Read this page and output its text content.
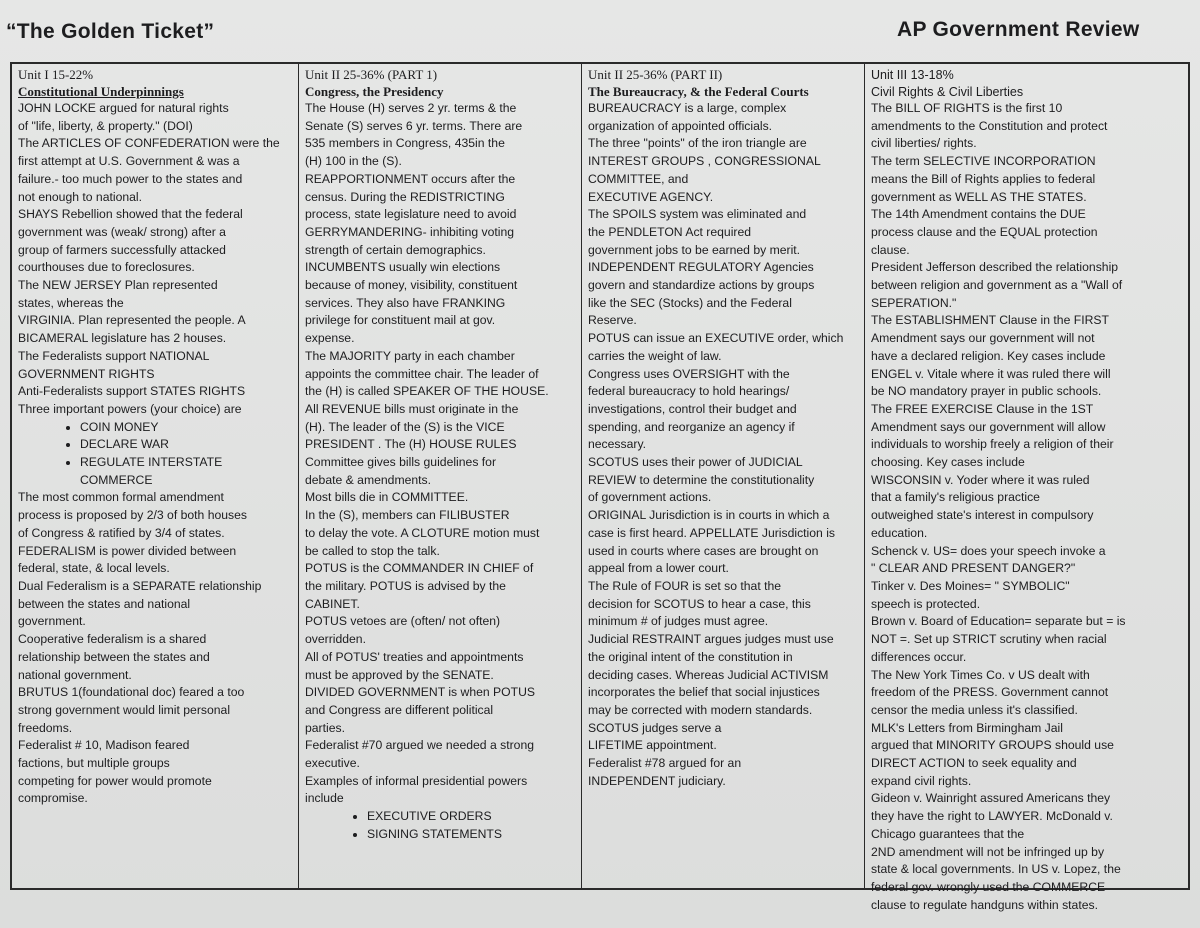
“The Golden Ticket”	AP Government Review
Unit I 15-22%
Constitutional Underpinnings
JOHN LOCKE argued for natural rights
of "life, liberty, & property." (DOI)
The ARTICLES OF CONFEDERATION were the
first attempt at U.S. Government & was a
failure.- too much power to the states and
not enough to national.
SHAYS Rebellion showed that the federal
government was (weak/ strong) after a
group of farmers successfully attacked
courthouses due to foreclosures.
The NEW JERSEY Plan represented
states, whereas the
VIRGINIA. Plan represented the people. A
BICAMERAL legislature has 2 houses.
The Federalists support NATIONAL
GOVERNMENT RIGHTS
Anti-Federalists support STATES RIGHTS
Three important powers (your choice) are
• COIN MONEY
• DECLARE WAR
• REGULATE INTERSTATE COMMERCE
The most common formal amendment
process is proposed by 2/3 of both houses
of Congress & ratified by 3/4 of states.
FEDERALISM is power divided between
federal, state, & local levels.
Dual Federalism is a SEPARATE relationship
between the states and national
government.
Cooperative federalism is a shared
relationship between the states and
national government.
BRUTUS 1(foundational doc) feared a too
strong government would limit personal
freedoms.
Federalist # 10, Madison feared
factions, but multiple groups
competing for power would promote
compromise.
Unit II 25-36% (PART 1)
Congress, the Presidency
The House (H) serves 2 yr. terms & the
Senate (S) serves 6 yr. terms. There are
535 members in Congress, 435in the
(H) 100 in the (S).
REAPPORTIONMENT occurs after the
census. During the REDISTRICTING
process, state legislature need to avoid
GERRYMANDERING- inhibiting voting
strength of certain demographics.
INCUMBENTS usually win elections
because of money, visibility, constituent
services. They also have FRANKING
privilege for constituent mail at gov.
expense.
The MAJORITY party in each chamber
appoints the committee chair. The leader of
the (H) is called SPEAKER OF THE HOUSE.
All REVENUE bills must originate in the
(H). The leader of the (S) is the VICE
PRESIDENT . The (H) HOUSE RULES
Committee gives bills guidelines for
debate & amendments.
Most bills die in COMMITTEE.
In the (S), members can FILIBUSTER
to delay the vote. A CLOTURE motion must
be called to stop the talk.
POTUS is the COMMANDER IN CHIEF of
the military. POTUS is advised by the
CABINET.
POTUS vetoes are (often/ not often)
overridden.
All of POTUS' treaties and appointments
must be approved by the SENATE.
DIVIDED GOVERNMENT is when POTUS
and Congress are different political
parties.
Federalist #70 argued we needed a strong
executive.
Examples of informal presidential powers
include
• EXECUTIVE ORDERS
• SIGNING STATEMENTS
Unit II 25-36% (PART II)
The Bureaucracy, & the Federal Courts
BUREAUCRACY is a large, complex
organization of appointed officials.
The three "points" of the iron triangle are
INTEREST GROUPS , CONGRESSIONAL
COMMITTEE, and
EXECUTIVE AGENCY.
The SPOILS system was eliminated and
the PENDLETON Act required
government jobs to be earned by merit.
INDEPENDENT REGULATORY Agencies
govern and standardize actions by groups
like the SEC (Stocks) and the Federal
Reserve.
POTUS can issue an EXECUTIVE order, which
carries the weight of law.
Congress uses OVERSIGHT with the
federal bureaucracy to hold hearings/
investigations, control their budget and
spending, and reorganize an agency if
necessary.
SCOTUS uses their power of JUDICIAL
REVIEW to determine the constitutionality
of government actions.
ORIGINAL Jurisdiction is in courts in which a
case is first heard. APPELLATE Jurisdiction is
used in courts where cases are brought on
appeal from a lower court.
The Rule of FOUR is set so that the
decision for SCOTUS to hear a case, this
minimum # of judges must agree.
Judicial RESTRAINT argues judges must use
the original intent of the constitution in
deciding cases. Whereas Judicial ACTIVISM
incorporates the belief that social injustices
may be corrected with modern standards.
SCOTUS judges serve a
LIFETIME appointment.
Federalist #78 argued for an
INDEPENDENT judiciary.
Unit III 13-18%
Civil Rights & Civil Liberties
The BILL OF RIGHTS is the first 10
amendments to the Constitution and protect
civil liberties/ rights.
The term SELECTIVE INCORPORATION
means the Bill of Rights applies to federal
government as WELL AS THE STATES.
The 14th Amendment contains the DUE
process clause and the EQUAL protection
clause.
President Jefferson described the relationship
between religion and government as a "Wall of
SEPERATION."
The ESTABLISHMENT Clause in the FIRST
Amendment says our government will not
have a declared religion. Key cases include
ENGEL v. Vitale where it was ruled there will
be NO mandatory prayer in public schools.
The FREE EXERCISE Clause in the 1ST
Amendment says our government will allow
individuals to worship freely a religion of their
choosing. Key cases include
WISCONSIN v. Yoder where it was ruled
that a family's religious practice
outweighed state's interest in compulsory
education.
Schenck v. US= does your speech invoke a
" CLEAR AND PRESENT DANGER?"
Tinker v. Des Moines= " SYMBOLIC"
speech is protected.
Brown v. Board of Education= separate but = is
NOT =. Set up STRICT scrutiny when racial
differences occur.
The New York Times Co. v US dealt with
freedom of the PRESS. Government cannot
censor the media unless it's classified.
MLK's Letters from Birmingham Jail
argued that MINORITY GROUPS should use
DIRECT ACTION to seek equality and
expand civil rights.
Gideon v. Wainright assured Americans they
they have the right to LAWYER. McDonald v.
Chicago guarantees that the
2ND amendment will not be infringed up by
state & local governments. In US v. Lopez, the
federal gov. wrongly used the COMMERCE
clause to regulate handguns within states.
